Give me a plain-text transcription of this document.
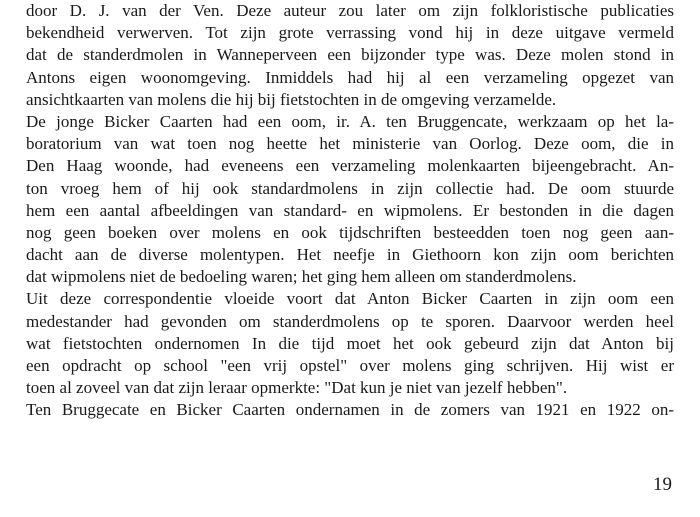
door D. J. van der Ven. Deze auteur zou later om zijn folkloristische publicaties
bekendheid verwerven. Tot zijn grote verrassing vond hij in deze uitgave vermeld
dat de standerdmolen in Wanneperveen een bijzonder type was. Deze molen stond in
Antons eigen woonomgeving. Inmiddels had hij al een verzameling opgezet van
ansichtkaarten van molens die hij bij fietstochten in de omgeving verzamelde.
De jonge Bicker Caarten had een oom, ir. A. ten Bruggencate, werkzaam op het la-
boratorium van wat toen nog heette het ministerie van Oorlog. Deze oom, die in
Den Haag woonde, had eveneens een verzameling molenkaarten bijeengebracht. An-
ton vroeg hem of hij ook standardmolens in zijn collectie had. De oom stuurde
hem een aantal afbeeldingen van standard- en wipmolens. Er bestonden in die dagen
nog geen boeken over molens en ook tijdschriften besteedden toen nog geen aan-
dacht aan de diverse molentypen. Het neefje in Giethoorn kon zijn oom berichten
dat wipmolens niet de bedoeling waren; het ging hem alleen om standerdmolens.
Uit deze correspondentie vloeide voort dat Anton Bicker Caarten in zijn oom een
medestander had gevonden om standerdmolens op te sporen. Daarvoor werden heel
wat fietstochten ondernomen In die tijd moet het ook gebeurd zijn dat Anton bij
een opdracht op school "een vrij opstel" over molens ging schrijven. Hij wist er
toen al zoveel van dat zijn leraar opmerkte: "Dat kun je niet van jezelf hebben".
Ten Bruggecate en Bicker Caarten ondernamen in de zomers van 1921 en 1922 on-
19
